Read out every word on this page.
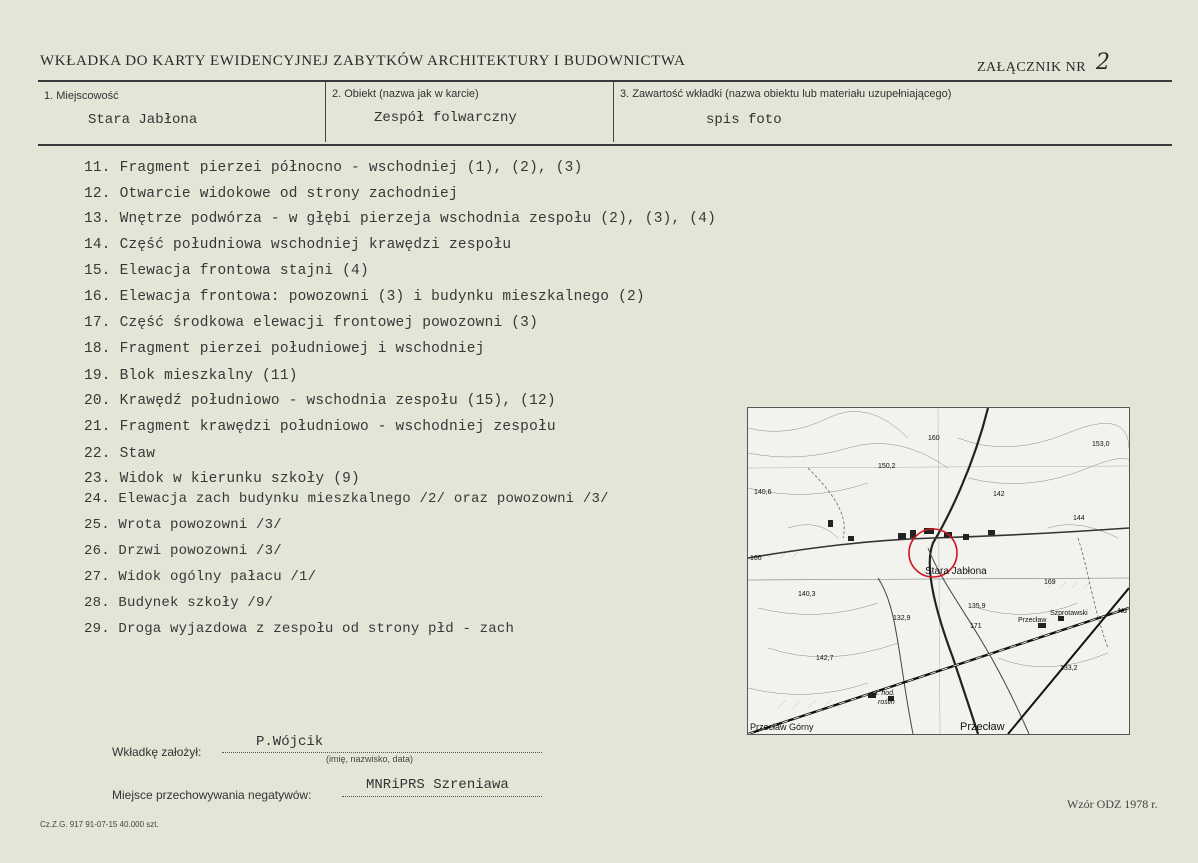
WKŁADKA DO KARTY EWIDENCYJNEJ ZABYTKÓW ARCHITEKTURY I BUDOWNICTWA	ZAŁĄCZNIK NR 2
1. Miejscowość
Stara Jabłona
2. Obiekt (nazwa jak w karcie)
Zespół folwarczny
3. Zawartość wkładki (nazwa obiektu lub materiału uzupełniającego)
spis foto
11. Fragment pierzei północno - wschodniej (1), (2), (3)
12. Otwarcie widokowe od strony zachodniej
13. Wnętrze podwórza - w głębi pierzeja wschodnia zespołu (2), (3), (4)
14. Część południowa wschodniej krawędzi zespołu
15. Elewacja frontowa stajni (4)
16. Elewacja frontowa: powozowni (3) i budynku mieszkalnego (2)
17. Część środkowa elewacji frontowej powozowni (3)
18. Fragment pierzei południowej i wschodniej
19. Blok mieszkalny (11)
20. Krawędź południowo - wschodnia zespołu (15), (12)
21. Fragment krawędzi południowo - wschodniej zespołu
22. Staw
23. Widok w kierunku szkoły (9)
24. Elewacja zach budynku mieszkalnego /2/ oraz powozowni /3/
25. Wrota powozowni /3/
26. Drzwi powozowni /3/
27. Widok ogólny pałacu /1/
28. Budynek szkoły /9/
29. Droga wyjazdowa z zespołu od strony płd - zach
Stara Jabłona
Przecław
Przecław Górny
Szprotawski
Przecław
st. hod.
roślin
Nd
140,6
140,3
135,9
132,9
142,7
133,2
153,0
150,2
166
160
142
144
169
171
Wkładkę założył:
P.Wójcik
(imię, nazwisko, data)
Miejsce przechowywania negatywów:
MNRiPRS Szreniawa
Cz.Z.G. 917 91-07-15 40.000 szt.
Wzór ODZ 1978 r.
